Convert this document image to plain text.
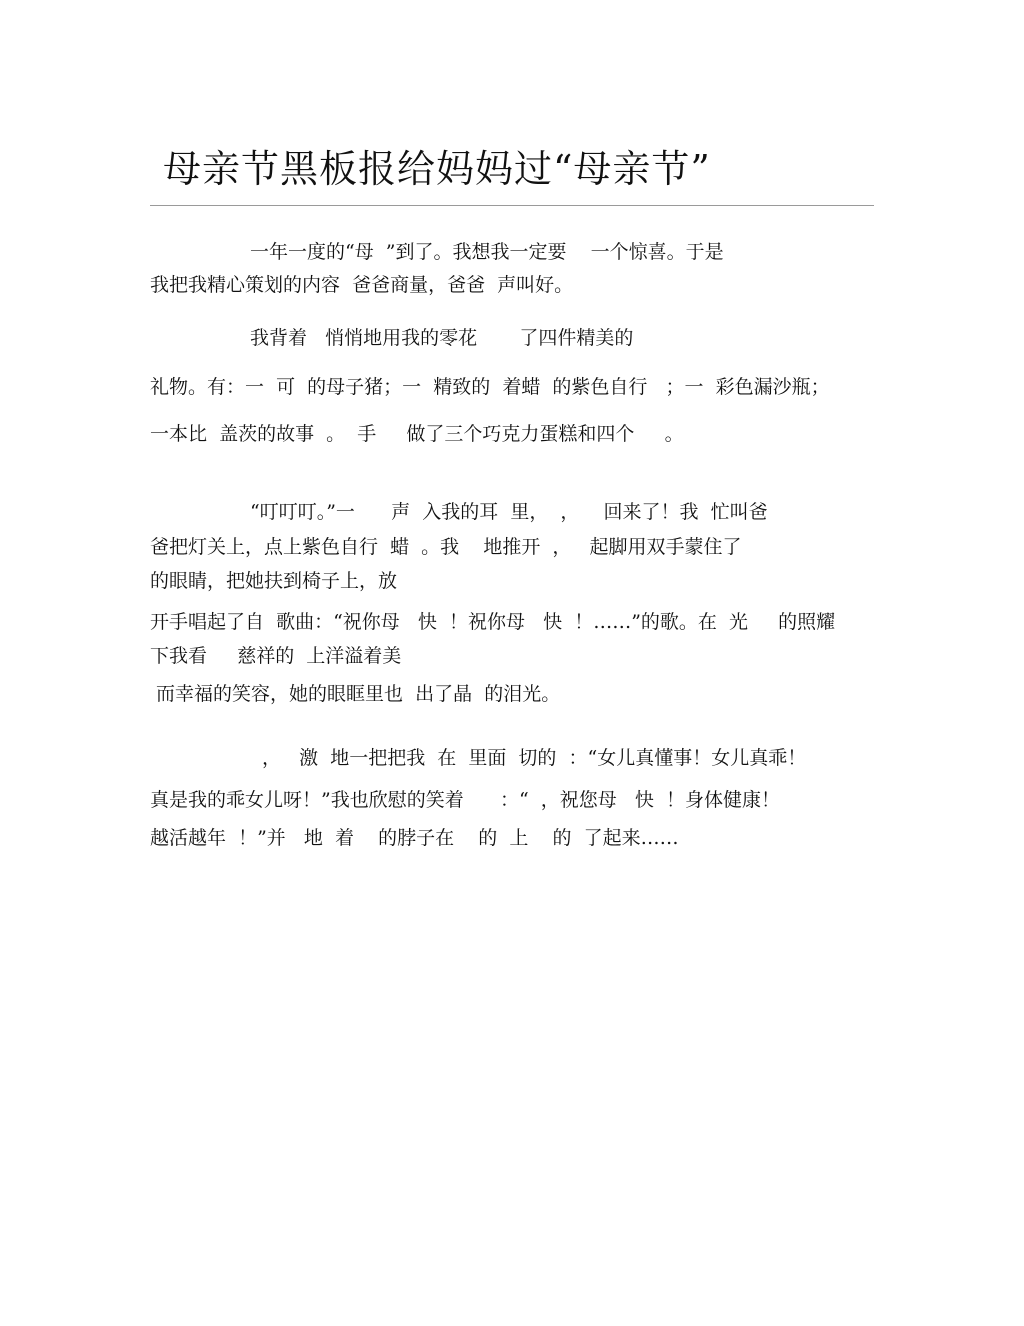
母亲节黑板报给妈妈过“母亲节”

一年一度的“母  ”到了。我想我一定要    一个惊喜。于是

我把我精心策划的内容  爸爸商量，爸爸  声叫好。

我背着   悄悄地用我的零花       了四件精美的

礼物。有：一  可  的母子猪；一  精致的  着蜡  的紫色自行   ；一  彩色漏沙瓶；

一本比  盖茨的故事  。  手     做了三个巧克力蛋糕和四个     。

“叮叮叮。”一      声  入我的耳  里，  ，    回来了！我  忙叫爸

爸把灯关上，点上紫色自行  蜡  。我    地推开  ，   起脚用双手蒙住了

的眼睛，把她扶到椅子上，放

开手唱起了自  歌曲：“祝你母   快  ！祝你母   快  ！……”的歌。在  光     的照耀

下我看     慈祥的  上洋溢着美

而幸福的笑容，她的眼眶里也  出了晶  的泪光。

，   激  地一把把我  在  里面  切的  ：“女儿真懂事！女儿真乖！

真是我的乖女儿呀！”我也欣慰的笑着      ：“  ，祝您母   快  ！身体健康！

越活越年  ！”并   地  着    的脖子在    的  上    的  了起来……
